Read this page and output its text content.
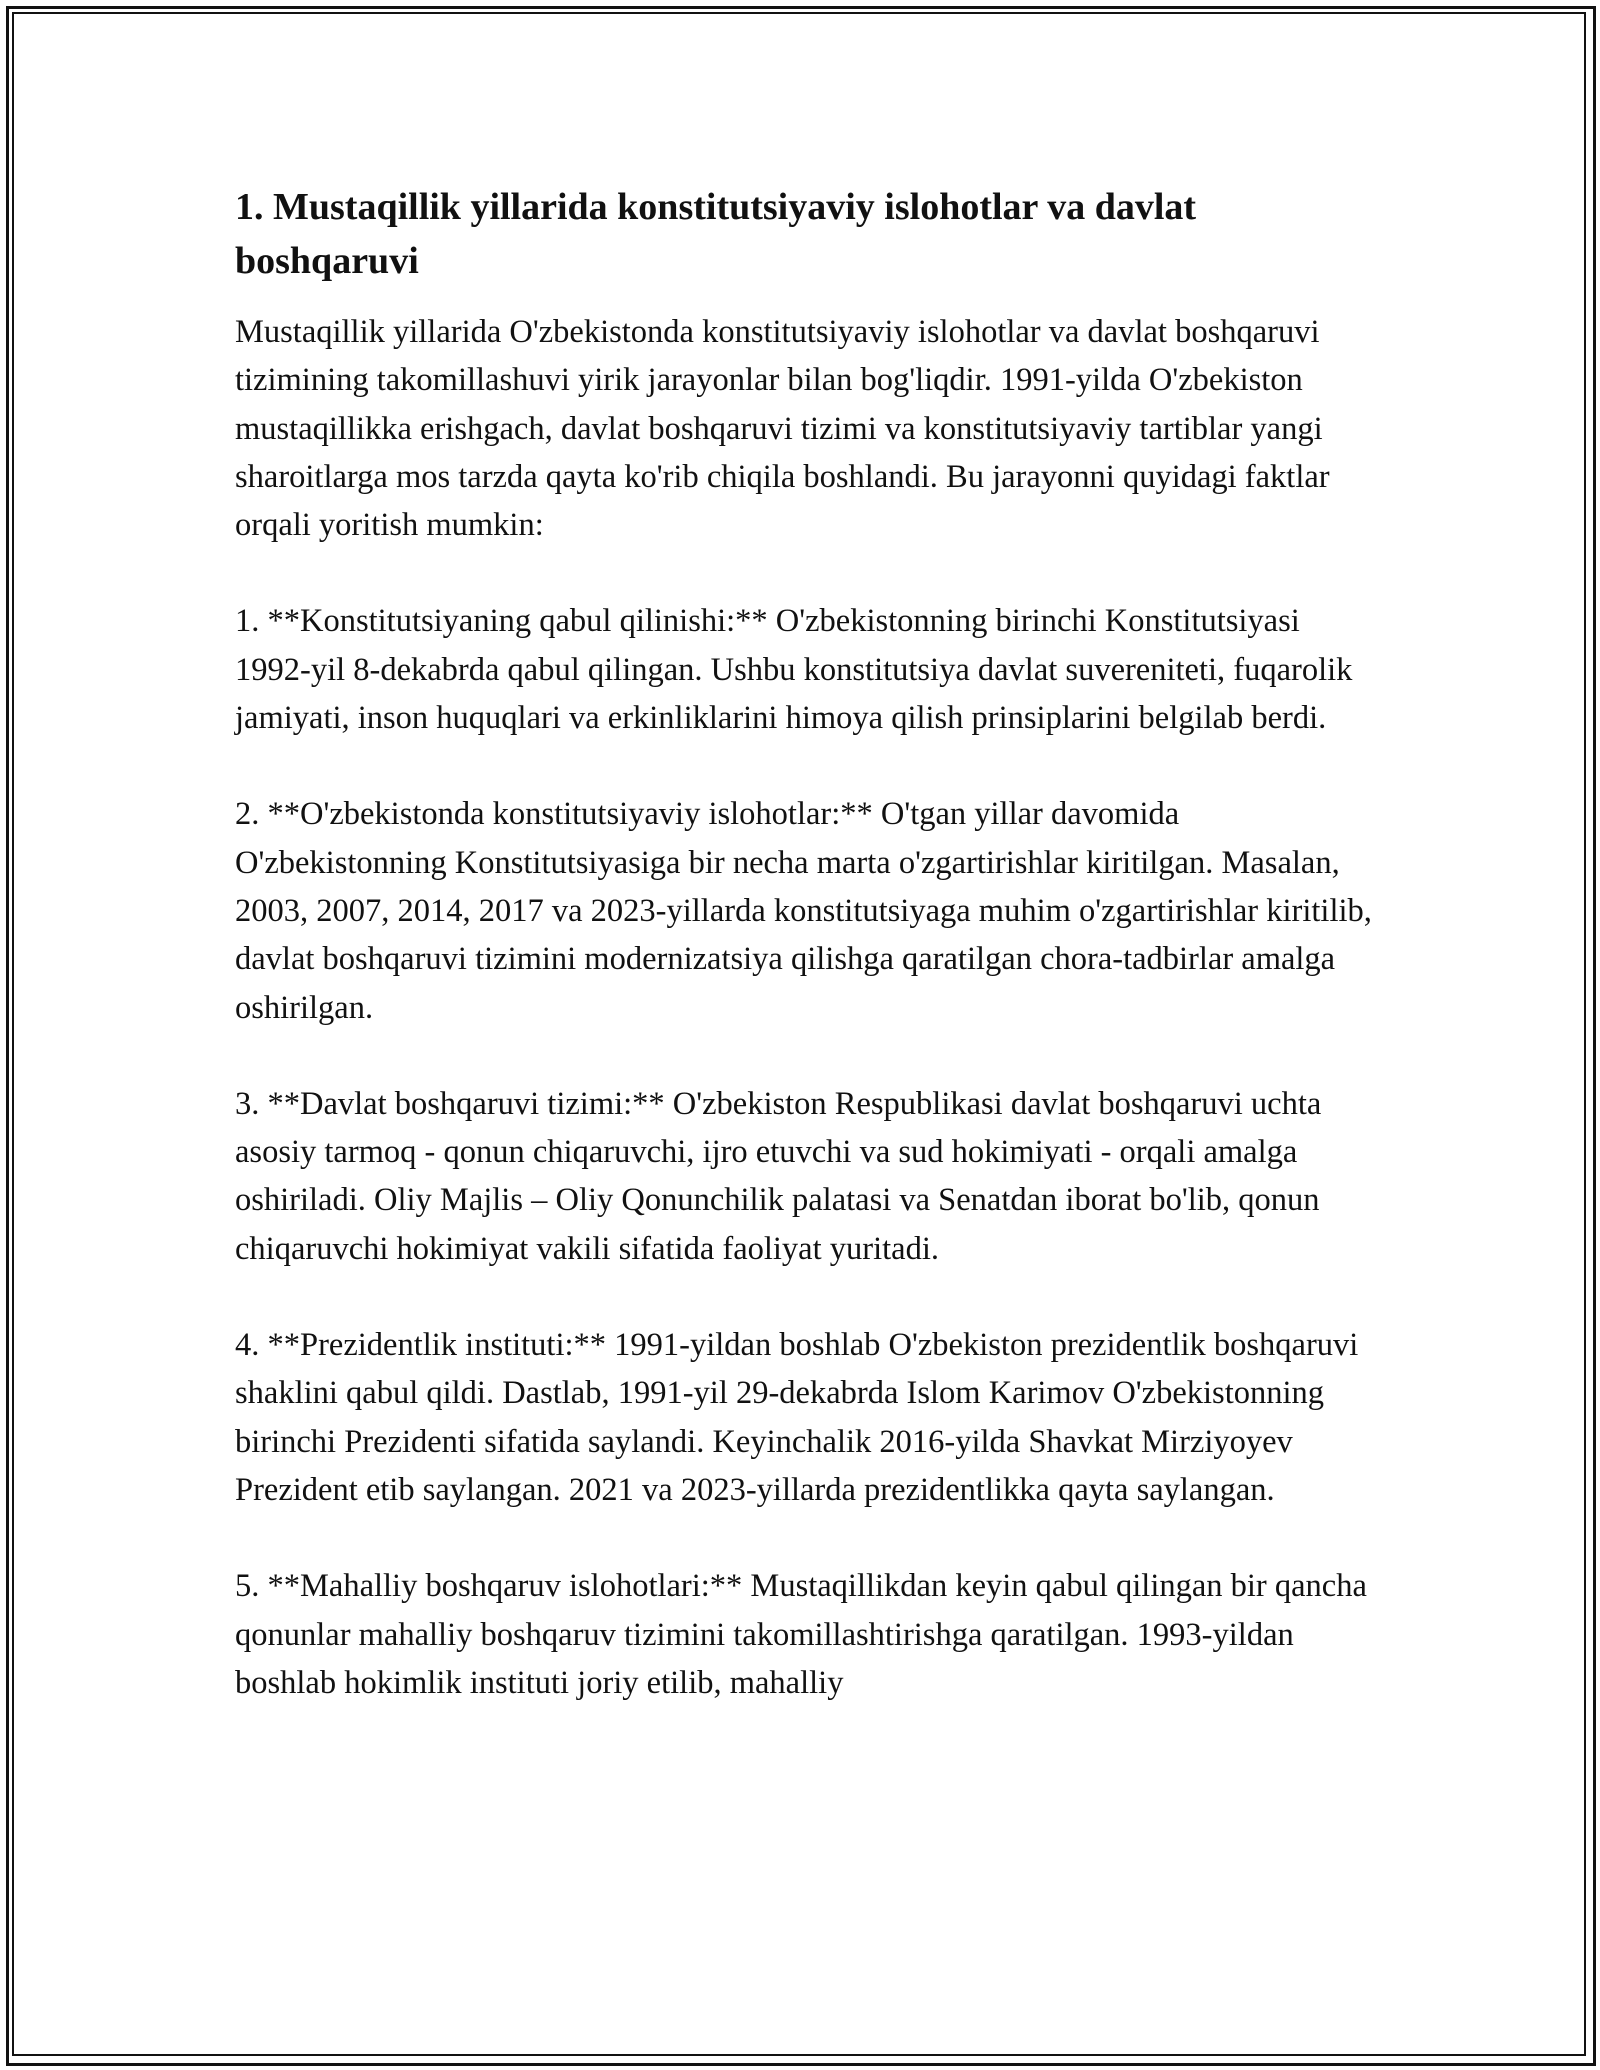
1. Mustaqillik yillarida konstitutsiyaviy islohotlar va davlat boshqaruvi

Mustaqillik yillarida O'zbekistonda konstitutsiyaviy islohotlar va davlat boshqaruvi tizimining takomillashuvi yirik jarayonlar bilan bog'liqdir. 1991-yilda O'zbekiston mustaqillikka erishgach, davlat boshqaruvi tizimi va konstitutsiyaviy tartiblar yangi sharoitlarga mos tarzda qayta ko'rib chiqila boshlandi. Bu jarayonni quyidagi faktlar orqali yoritish mumkin:

1. **Konstitutsiyaning qabul qilinishi:** O'zbekistonning birinchi Konstitutsiyasi 1992-yil 8-dekabrda qabul qilingan. Ushbu konstitutsiya davlat suvereniteti, fuqarolik jamiyati, inson huquqlari va erkinliklarini himoya qilish prinsiplarini belgilab berdi.

2. **O'zbekistonda konstitutsiyaviy islohotlar:** O'tgan yillar davomida O'zbekistonning Konstitutsiyasiga bir necha marta o'zgartirishlar kiritilgan. Masalan, 2003, 2007, 2014, 2017 va 2023-yillarda konstitutsiyaga muhim o'zgartirishlar kiritilib, davlat boshqaruvi tizimini modernizatsiya qilishga qaratilgan chora-tadbirlar amalga oshirilgan.

3. **Davlat boshqaruvi tizimi:** O'zbekiston Respublikasi davlat boshqaruvi uchta asosiy tarmoq - qonun chiqaruvchi, ijro etuvchi va sud hokimiyati - orqali amalga oshiriladi. Oliy Majlis – Oliy Qonunchilik palatasi va Senatdan iborat bo'lib, qonun chiqaruvchi hokimiyat vakili sifatida faoliyat yuritadi.

4. **Prezidentlik instituti:** 1991-yildan boshlab O'zbekiston prezidentlik boshqaruvi shaklini qabul qildi. Dastlab, 1991-yil 29-dekabrda Islom Karimov O'zbekistonning birinchi Prezidenti sifatida saylandi. Keyinchalik 2016-yilda Shavkat Mirziyoyev Prezident etib saylangan. 2021 va 2023-yillarda prezidentlikka qayta saylangan.

5. **Mahalliy boshqaruv islohotlari:** Mustaqillikdan keyin qabul qilingan bir qancha qonunlar mahalliy boshqaruv tizimini takomillashtirishga qaratilgan. 1993-yildan boshlab hokimlik instituti joriy etilib, mahalliy
